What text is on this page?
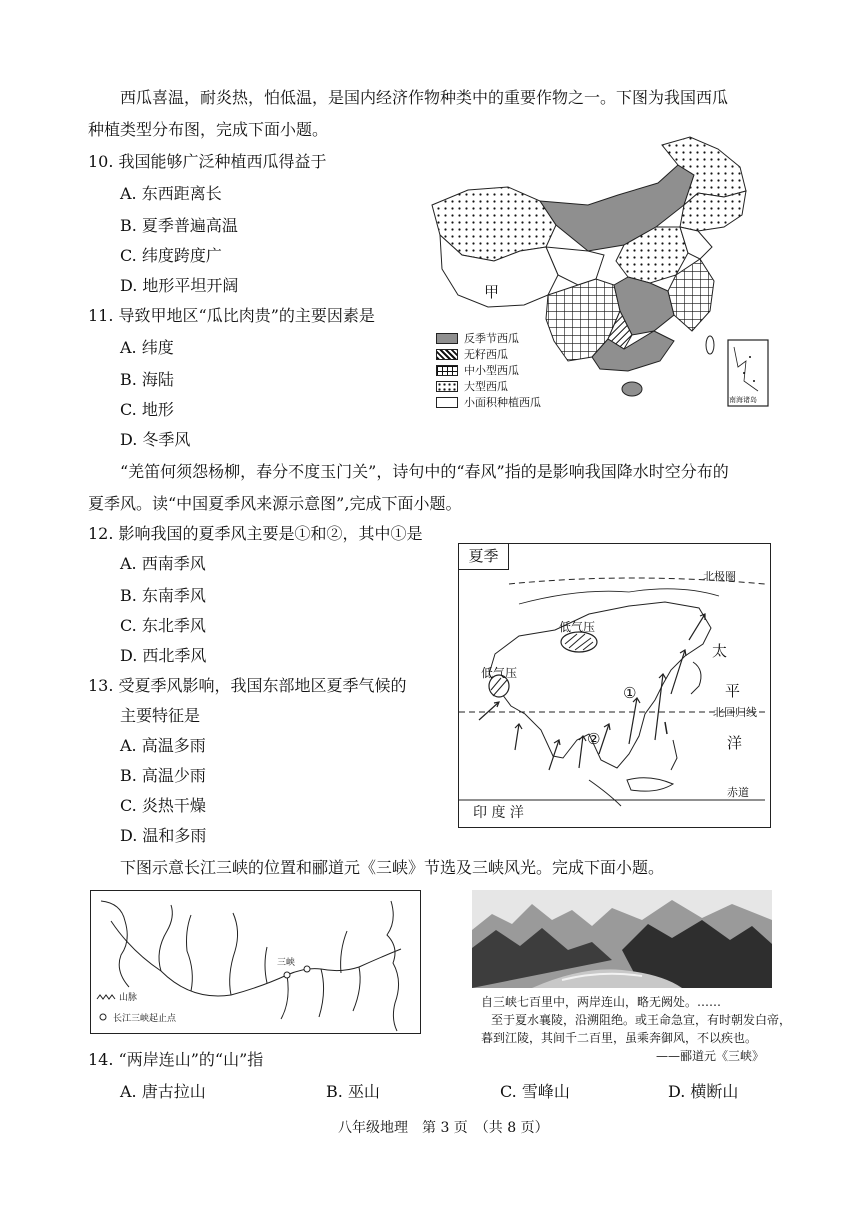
西瓜喜温，耐炎热，怕低温，是国内经济作物种类中的重要作物之一。下图为我国西瓜
种植类型分布图，完成下面小题。
10. 我国能够广泛种植西瓜得益于
A. 东西距离长
B. 夏季普遍高温
C. 纬度跨度广
D. 地形平坦开阔
11. 导致甲地区“瓜比肉贵”的主要因素是
A. 纬度
B. 海陆
C. 地形
D. 冬季风
甲
南海诸岛
反季节西瓜
无籽西瓜
中小型西瓜
大型西瓜
小面积种植西瓜
“羌笛何须怨杨柳，春分不度玉门关”，诗句中的“春风”指的是影响我国降水时空分布的
夏季风。读“中国夏季风来源示意图”,完成下面小题。
12. 影响我国的夏季风主要是①和②，其中①是
A. 西南季风
B. 东南季风
C. 东北季风
D. 西北季风
13. 受夏季风影响，我国东部地区夏季气候的
主要特征是
A. 高温多雨
B. 高温少雨
C. 炎热干燥
D. 温和多雨
夏季
北极圈
低气压
低气压
太
平
洋
北回归线
赤道
印 度 洋
①
②
下图示意长江三峡的位置和郦道元《三峡》节选及三峡风光。完成下面小题。
三峡
山脉
长江三峡起止点
自三峡七百里中，两岸连山，略无阙处。……
至于夏水襄陵，沿溯阻绝。或王命急宣，有时朝发白帝，
暮到江陵，其间千二百里，虽乘奔御风，不以疾也。
——郦道元《三峡》
14. “两岸连山”的“山”指
A. 唐古拉山	B. 巫山	C. 雪峰山	D. 横断山
八年级地理　第 3 页　（共 8 页）
